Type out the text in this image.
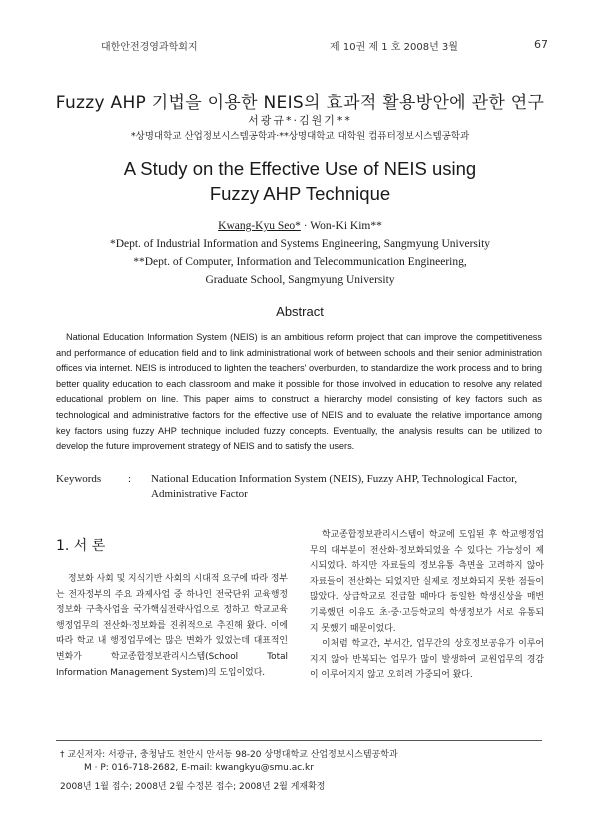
대한안전경영과학회지	제 10권 제 1 호 2008년 3월	67
Fuzzy AHP 기법을 이용한 NEIS의 효과적 활용방안에 관한 연구
서광규*·김원기**
*상명대학교 산업정보시스템공학과·**상명대학교 대학원 컴퓨터정보시스템공학과
A Study on the Effective Use of NEIS using
Fuzzy AHP Technique
Kwang-Kyu Seo* · Won-Ki Kim**
*Dept. of Industrial Information and Systems Engineering, Sangmyung University
**Dept. of Computer, Information and Telecommunication Engineering,
Graduate School, Sangmyung University
Abstract
National Education Information System (NEIS) is an ambitious reform project that can improve the competitiveness and performance of education field and to link administrational work of between schools and their senior administration offices via internet. NEIS is introduced to lighten the teachers' overburden, to standardize the work process and to bring better quality education to each classroom and make it possible for those involved in education to resolve any related educational problem on line. This paper aims to construct a hierarchy model consisting of key factors such as technological and administrative factors for the effective use of NEIS and to evaluate the relative importance among key factors using fuzzy AHP technique included fuzzy concepts. Eventually, the analysis results can be utilized to develop the future improvement strategy of NEIS and to satisfy the users.
Keywords : National Education Information System (NEIS), Fuzzy AHP, Technological Factor, Administrative Factor
1. 서 론

정보화 사회 및 지식기반 사회의 시대적 요구에 따라 정부는 전자정부의 주요 과제사업 중 하나인 전국단위 교육행정정보화 구축사업을 국가핵심전략사업으로 정하고 학교교육행정업무의 전산화·정보화를 진취적으로 추진해 왔다. 이에 따라 학교 내 행정업무에는 많은 변화가 있었는데 대표적인 변화가 학교종합정보관리시스템(School Total Information Management System)의 도입이었다.

학교종합정보관리시스템이 학교에 도입된 후 학교행정업무의 대부분이 전산화·정보화되었을 수 있다는 가능성이 제시되었다. 하지만 자료들의 정보유통 측면을 고려하지 않아 자료들이 전산화는 되었지만 실제로 정보화되지 못한 점들이 많았다. 상급학교로 진급할 때마다 동일한 학생신상을 매번 기록했던 이유도 초·중·고등학교의 학생정보가 서로 유통되지 못했기 때문이었다.

이처럼 학교간, 부서간, 업무간의 상호정보공유가 이루어지지 않아 반복되는 업무가 많이 발생하여 교원업무의 경감이 이루어지지 않고 오히려 가중되어 왔다.

† 교신저자: 서광규, 충청남도 천안시 안서동 98-20 상명대학교 산업정보시스템공학과
M · P: 016-718-2682, E-mail: kwangkyu@smu.ac.kr
2008년 1월 접수; 2008년 2월 수정본 접수; 2008년 2월 게재확정
